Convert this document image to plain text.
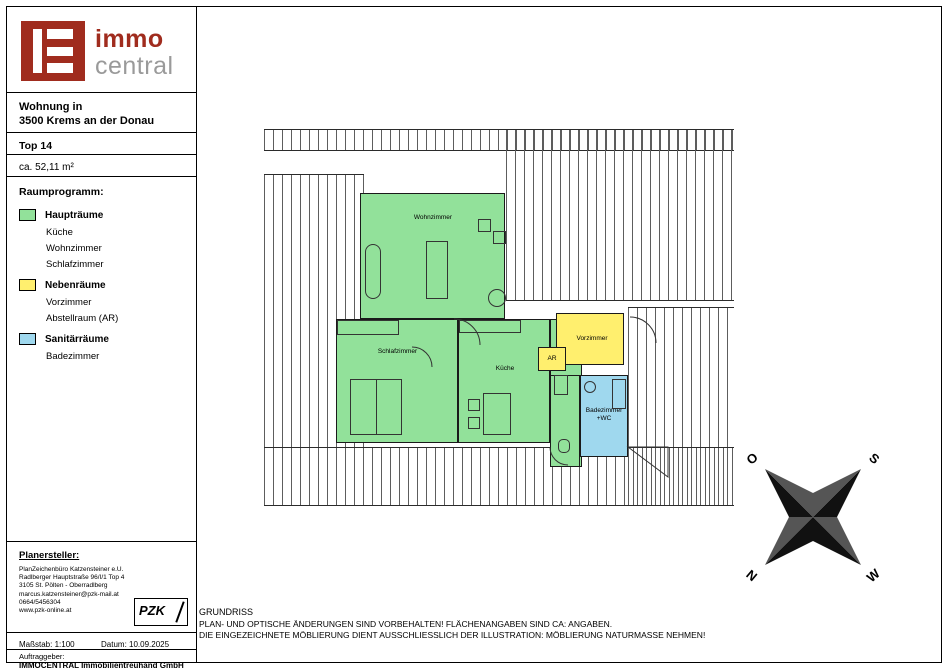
immo
central
Wohnung in
3500 Krems an der Donau
Top 14
ca. 52,11 m²
Raumprogramm:
Haupträume
Küche
Wohnzimmer
Schlafzimmer
Nebenräume
Vorzimmer
Abstellraum (AR)
Sanitärräume
Badezimmer
Planersteller:
PlanZeichenbüro Katzensteiner e.U.
Radlberger Hauptstraße 96/I/1 Top 4
3105 St. Pölten - Oberradlberg
marcus.katzensteiner@pzk-mail.at
0664/5456304
www.pzk-online.at	PZK
Maßstab: 1:100	Datum: 10.09.2025
Auftraggeber:
IMMOCENTRAL Immobilientreuhand GmbH
Wohnzimmer
Schlafzimmer
Küche
Vorzimmer
AR
Badezimmer
+WC
O	S
N	W
GRUNDRISS
PLAN- UND OPTISCHE ÄNDERUNGEN SIND VORBEHALTEN! FLÄCHENANGABEN SIND CA: ANGABEN.
DIE EINGEZEICHNETE MÖBLIERUNG DIENT AUSSCHLIESSLICH DER ILLUSTRATION: MÖBLIERUNG NATURMASSE NEHMEN!
